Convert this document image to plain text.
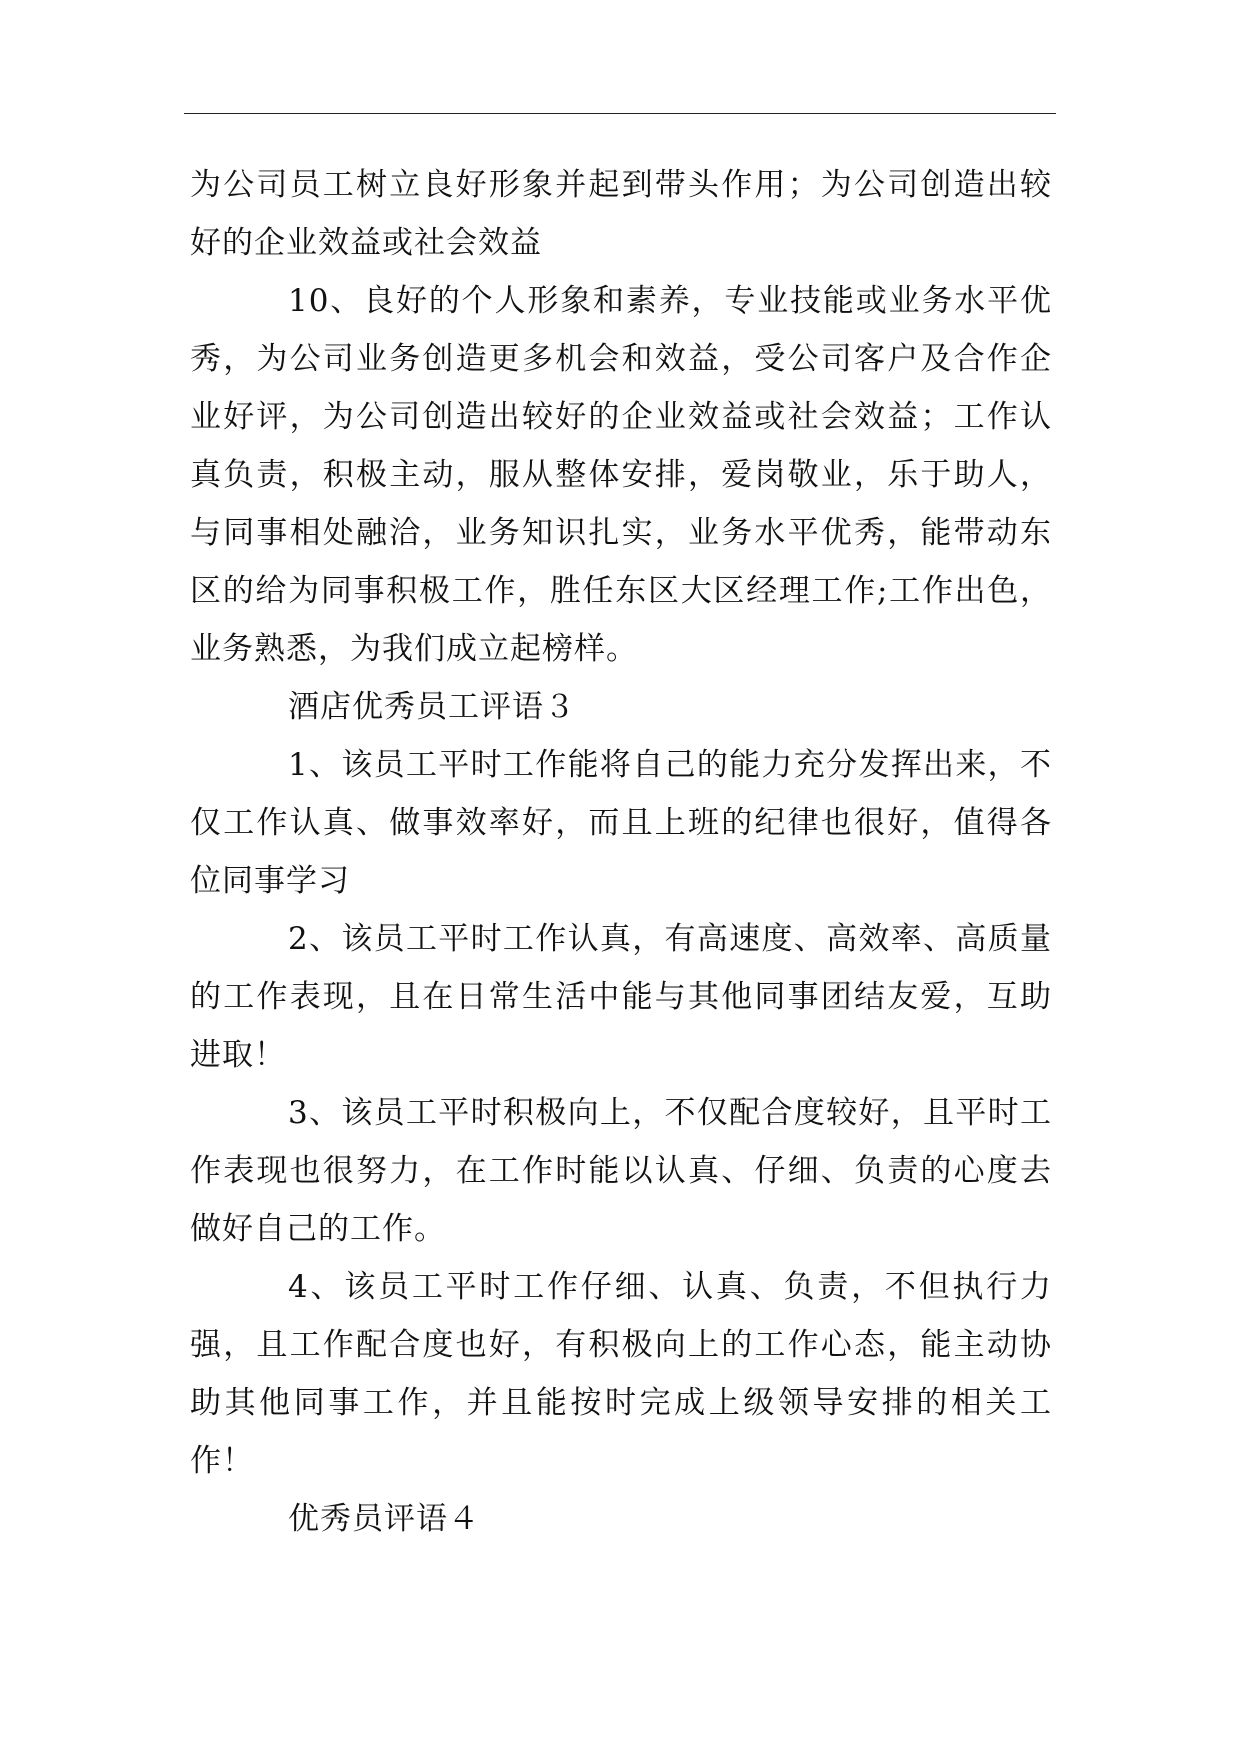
为公司员工树立良好形象并起到带头作用；为公司创造出较好的企业效益或社会效益

10、良好的个人形象和素养，专业技能或业务水平优秀，为公司业务创造更多机会和效益，受公司客户及合作企业好评，为公司创造出较好的企业效益或社会效益；工作认真负责，积极主动，服从整体安排，爱岗敬业，乐于助人，与同事相处融洽，业务知识扎实，业务水平优秀，能带动东区的给为同事积极工作，胜任东区大区经理工作;工作出色，业务熟悉，为我们成立起榜样。

酒店优秀员工评语３

1、该员工平时工作能将自己的能力充分发挥出来，不仅工作认真、做事效率好，而且上班的纪律也很好，值得各位同事学习

2、该员工平时工作认真，有高速度、高效率、高质量的工作表现，且在日常生活中能与其他同事团结友爱，互助进取！

3、该员工平时积极向上，不仅配合度较好，且平时工作表现也很努力，在工作时能以认真、仔细、负责的心度去做好自己的工作。

4、该员工平时工作仔细、认真、负责，不但执行力强，且工作配合度也好，有积极向上的工作心态，能主动协助其他同事工作，并且能按时完成上级领导安排的相关工作！

优秀员评语４
